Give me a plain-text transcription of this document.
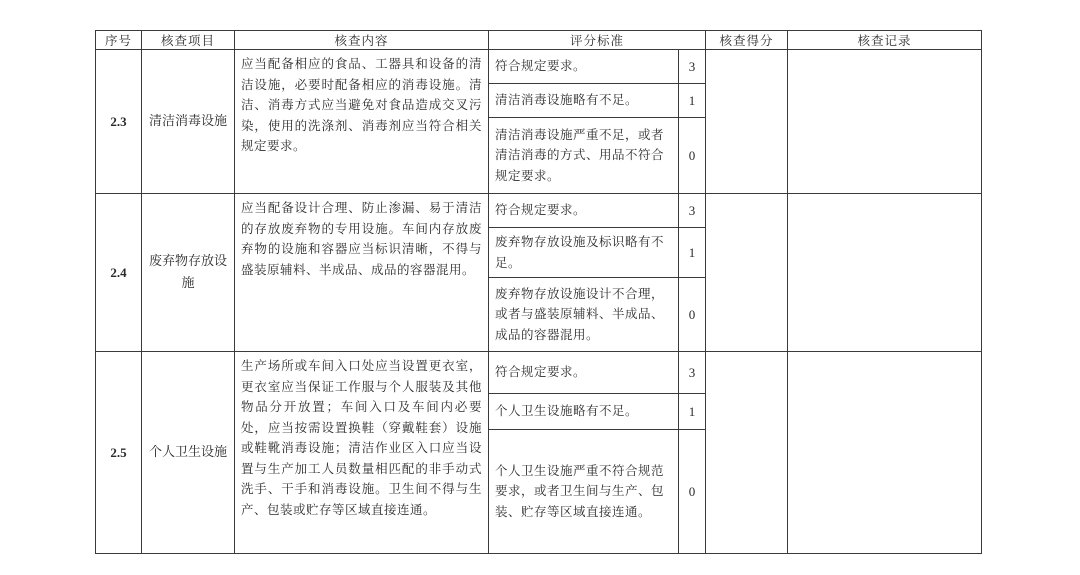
序号	核查项目	核查内容	评分标准		核查得分	核查记录
2.3	清洁消毒设施	应当配备相应的食品、工器具和设备的清洁设施，必要时配备相应的消毒设施。清洁、消毒方式应当避免对食品造成交叉污染，使用的洗涤剂、消毒剂应当符合相关规定要求。	符合规定要求。	3		
			清洁消毒设施略有不足。	1		
			清洁消毒设施严重不足，或者清洁消毒的方式、用品不符合规定要求。	0		
2.4	废弃物存放设施	应当配备设计合理、防止渗漏、易于清洁的存放废弃物的专用设施。车间内存放废弃物的设施和容器应当标识清晰，不得与盛装原辅料、半成品、成品的容器混用。	符合规定要求。	3		
			废弃物存放设施及标识略有不足。	1		
			废弃物存放设施设计不合理，或者与盛装原辅料、半成品、成品的容器混用。	0		
2.5	个人卫生设施	生产场所或车间入口处应当设置更衣室，更衣室应当保证工作服与个人服装及其他物品分开放置；车间入口及车间内必要处，应当按需设置换鞋（穿戴鞋套）设施或鞋靴消毒设施；清洁作业区入口应当设置与生产加工人员数量相匹配的非手动式洗手、干手和消毒设施。卫生间不得与生产、包装或贮存等区域直接连通。	符合规定要求。	3		
			个人卫生设施略有不足。	1		
			个人卫生设施严重不符合规范要求，或者卫生间与生产、包装、贮存等区域直接连通。	0		
